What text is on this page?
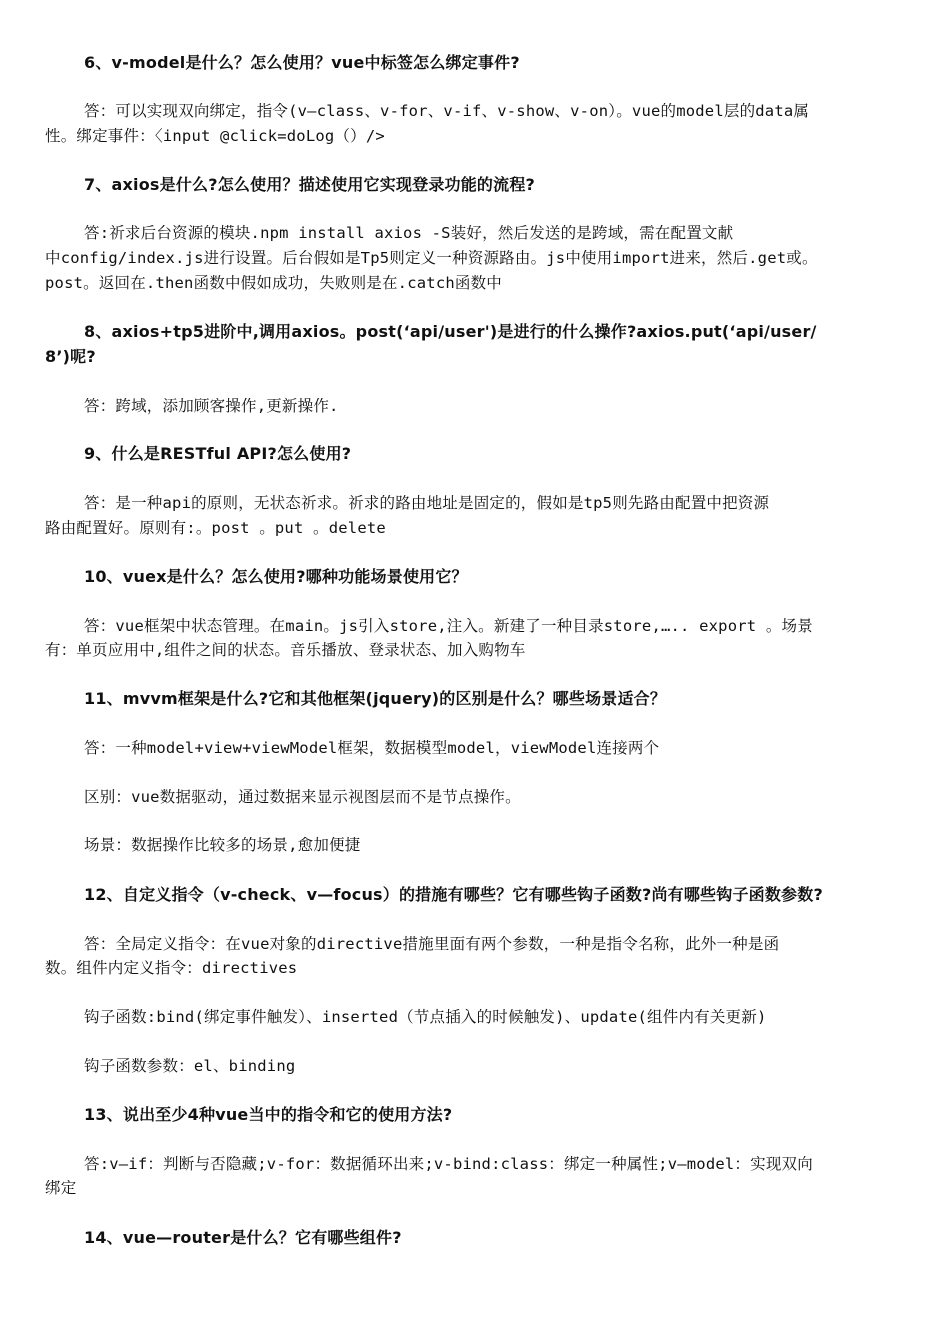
6、v-model是什么？怎么使用？vue中标签怎么绑定事件?
答：可以实现双向绑定，指令(v—class、v-for、v-if、v-show、v-on）。vue的model层的data属
性。绑定事件：〈input @click=doLog（）/>
7、axios是什么?怎么使用？描述使用它实现登录功能的流程?
答:祈求后台资源的模块.npm install axios -S装好，然后发送的是跨域，需在配置文献
中config/index.js进行设置。后台假如是Tp5则定义一种资源路由。js中使用import进来，然后.get或。
post。返回在.then函数中假如成功，失败则是在.catch函数中
8、axios+tp5进阶中,调用axios。post(‘api/user')是进行的什么操作?axios.put(‘api/user/
8’)呢?
答：跨域，添加顾客操作,更新操作.
9、什么是RESTful API?怎么使用?
答：是一种api的原则，无状态祈求。祈求的路由地址是固定的，假如是tp5则先路由配置中把资源
路由配置好。原则有:。post 。put 。delete
10、vuex是什么？怎么使用?哪种功能场景使用它？
答：vue框架中状态管理。在main。js引入store,注入。新建了一种目录store,….. export 。场景
有：单页应用中,组件之间的状态。音乐播放、登录状态、加入购物车
11、mvvm框架是什么?它和其他框架(jquery)的区别是什么？哪些场景适合？
答：一种model+view+viewModel框架，数据模型model，viewModel连接两个
区别：vue数据驱动，通过数据来显示视图层而不是节点操作。
场景：数据操作比较多的场景,愈加便捷
12、自定义指令（v-check、v—focus）的措施有哪些？它有哪些钩子函数?尚有哪些钩子函数参数?
答：全局定义指令：在vue对象的directive措施里面有两个参数，一种是指令名称，此外一种是函
数。组件内定义指令：directives
钩子函数:bind(绑定事件触发）、inserted（节点插入的时候触发)、update(组件内有关更新)
钩子函数参数：el、binding
13、说出至少4种vue当中的指令和它的使用方法?
答:v—if：判断与否隐藏;v-for：数据循环出来;v-bind:class：绑定一种属性;v—model：实现双向
绑定
14、vue—router是什么？它有哪些组件?
